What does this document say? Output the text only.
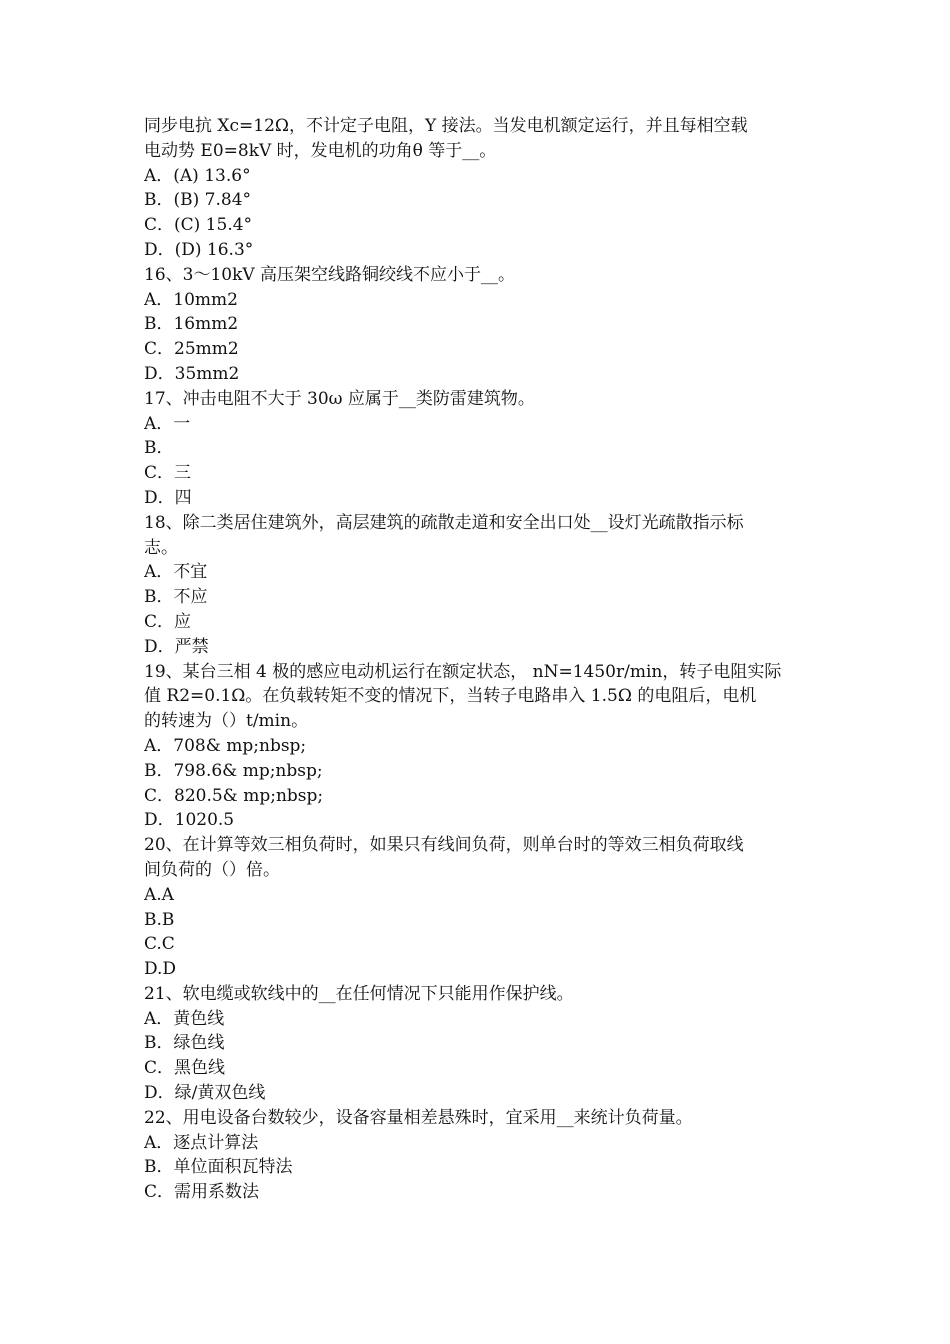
同步电抗 Xc=12Ω，不计定子电阻，Y 接法。当发电机额定运行，并且每相空载
电动势 E0=8kV 时，发电机的功角θ 等于__。
A．(A) 13.6°
B．(B) 7.84°
C．(C) 15.4°
D．(D) 16.3°
16、3～10kV 高压架空线路铜绞线不应小于__。
A．10mm2
B．16mm2
C．25mm2
D．35mm2
17、冲击电阻不大于 30ω 应属于__类防雷建筑物。
A．一
B．
C．三
D．四
18、除二类居住建筑外，高层建筑的疏散走道和安全出口处__设灯光疏散指示标
志。
A．不宜
B．不应
C．应
D．严禁
19、某台三相 4 极的感应电动机运行在额定状态， nN=1450r/min，转子电阻实际
值 R2=0.1Ω。在负载转矩不变的情况下，当转子电路串入 1.5Ω 的电阻后，电机
的转速为（）t/min。
A．708& mp;nbsp;
B．798.6& mp;nbsp;
C．820.5& mp;nbsp;
D．1020.5
20、在计算等效三相负荷时，如果只有线间负荷，则单台时的等效三相负荷取线
间负荷的（）倍。
A.A
B.B
C.C
D.D
21、软电缆或软线中的__在任何情况下只能用作保护线。
A．黄色线
B．绿色线
C．黑色线
D．绿/黄双色线
22、用电设备台数较少，设备容量相差悬殊时，宜采用__来统计负荷量。
A．逐点计算法
B．单位面积瓦特法
C．需用系数法
